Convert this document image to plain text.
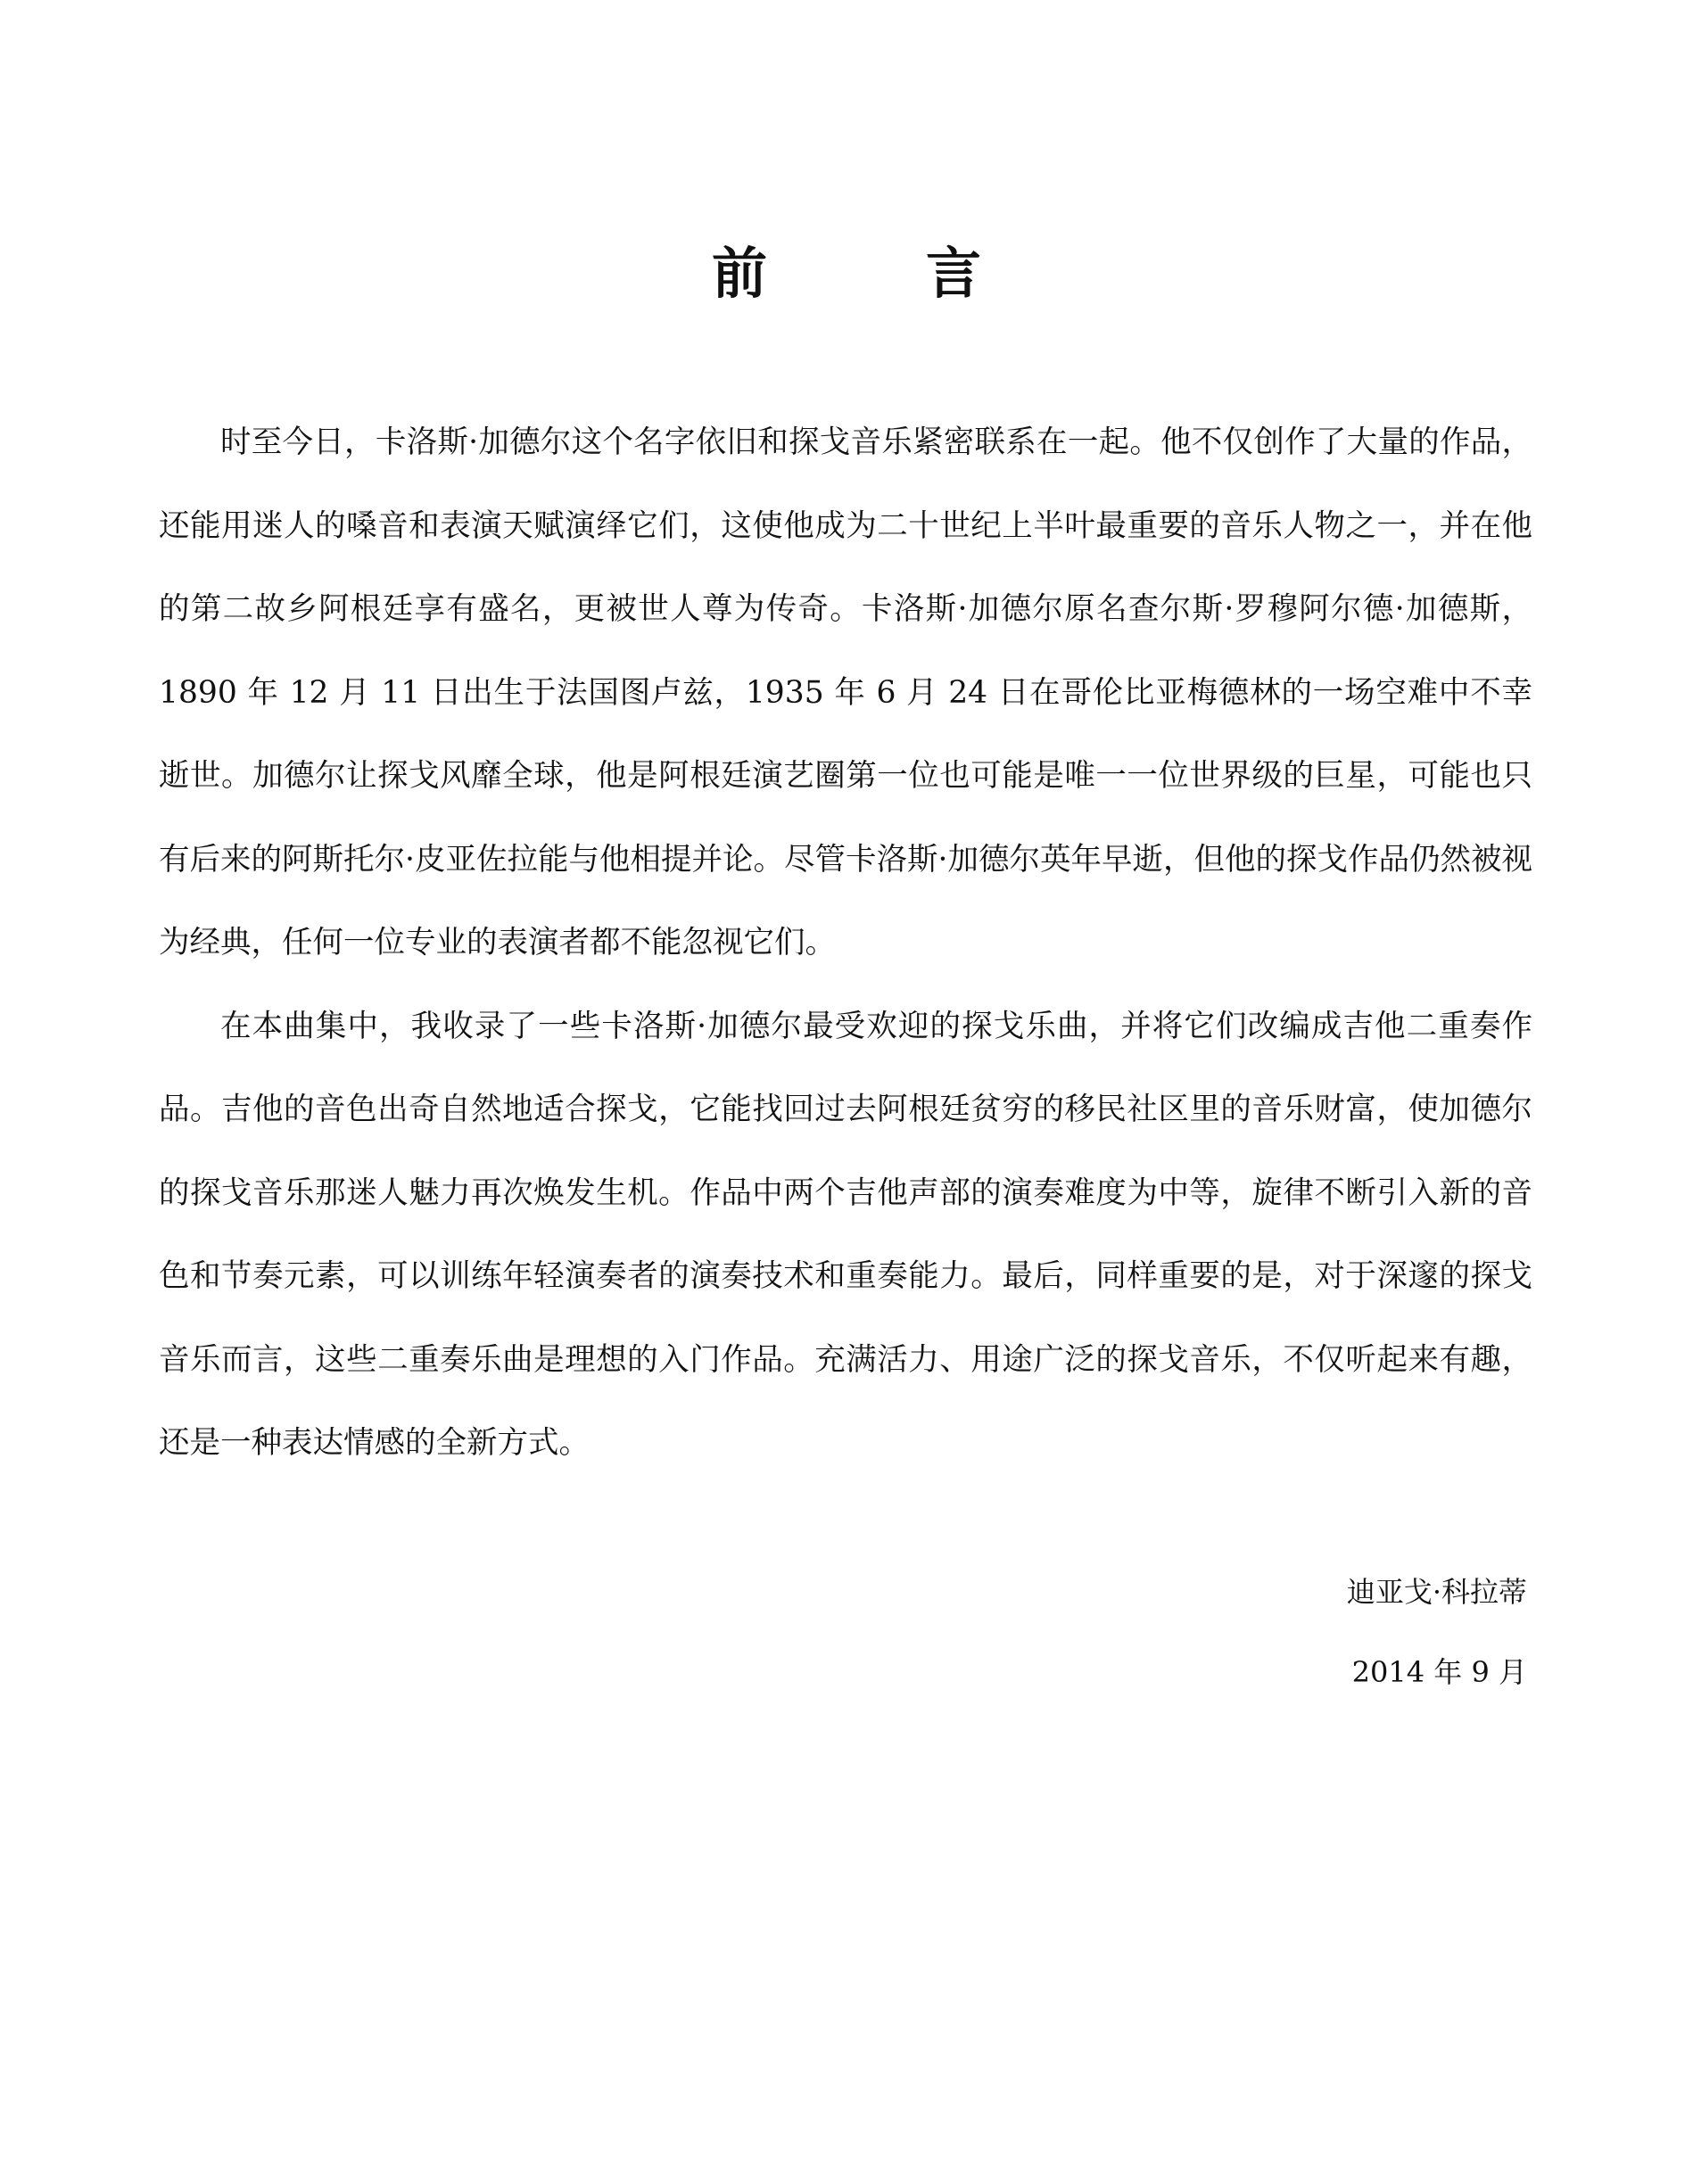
前　言

时至今日，卡洛斯·加德尔这个名字依旧和探戈音乐紧密联系在一起。他不仅创作了大量的作品，还能用迷人的嗓音和表演天赋演绎它们，这使他成为二十世纪上半叶最重要的音乐人物之一，并在他的第二故乡阿根廷享有盛名，更被世人尊为传奇。卡洛斯·加德尔原名查尔斯·罗穆阿尔德·加德斯，1890 年 12 月 11 日出生于法国图卢兹，1935 年 6 月 24 日在哥伦比亚梅德林的一场空难中不幸逝世。加德尔让探戈风靡全球，他是阿根廷演艺圈第一位也可能是唯一一位世界级的巨星，可能也只有后来的阿斯托尔·皮亚佐拉能与他相提并论。尽管卡洛斯·加德尔英年早逝，但他的探戈作品仍然被视为经典，任何一位专业的表演者都不能忽视它们。

在本曲集中，我收录了一些卡洛斯·加德尔最受欢迎的探戈乐曲，并将它们改编成吉他二重奏作品。吉他的音色出奇自然地适合探戈，它能找回过去阿根廷贫穷的移民社区里的音乐财富，使加德尔的探戈音乐那迷人魅力再次焕发生机。作品中两个吉他声部的演奏难度为中等，旋律不断引入新的音色和节奏元素，可以训练年轻演奏者的演奏技术和重奏能力。最后，同样重要的是，对于深邃的探戈音乐而言，这些二重奏乐曲是理想的入门作品。充满活力、用途广泛的探戈音乐，不仅听起来有趣，还是一种表达情感的全新方式。

迪亚戈·科拉蒂
2014 年 9 月
